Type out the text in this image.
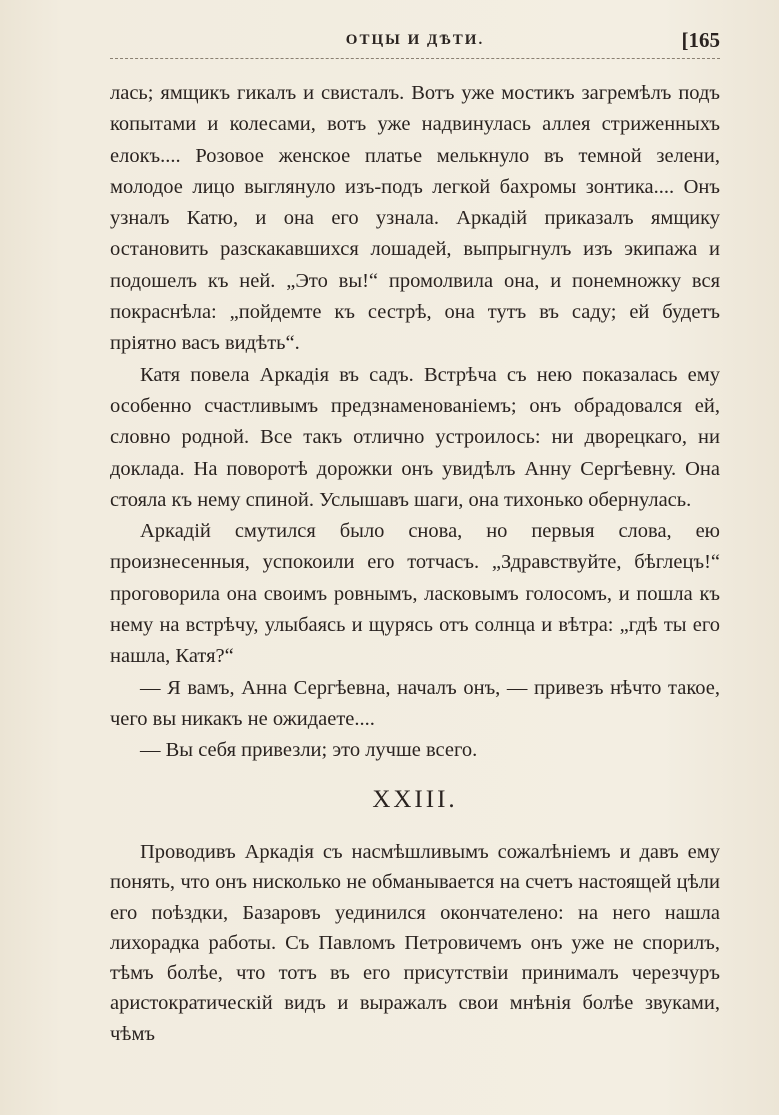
ОТЦЫ И ДѢТИ.	[165

лась; ямщикъ гикалъ и свисталъ. Вотъ уже мостикъ загремѣлъ подъ копытами и колесами, вотъ уже надвинулась аллея стриженныхъ елокъ.... Розовое женское платье мелькнуло въ темной зелени, молодое лицо выглянуло изъ-подъ легкой бахромы зонтика.... Онъ узналъ Катю, и она его узнала. Аркадій приказалъ ямщику остановить разскакавшихся лошадей, выпрыгнулъ изъ экипажа и подошелъ къ ней. „Это вы!“ промолвила она, и понемножку вся покраснѣла: „пойдемте къ сестрѣ, она тутъ въ саду; ей будетъ пріятно васъ видѣть“.

Катя повела Аркадія въ садъ. Встрѣча съ нею показалась ему особенно счастливымъ предзнаменованіемъ; онъ обрадовался ей, словно родной. Все такъ отлично устроилось: ни дворецкаго, ни доклада. На поворотѣ дорожки онъ увидѣлъ Анну Сергѣевну. Она стояла къ нему спиной. Услышавъ шаги, она тихонько обернулась.

Аркадій смутился было снова, но первыя слова, ею произнесенныя, успокоили его тотчасъ. „Здравствуйте, бѣглецъ!“ проговорила она своимъ ровнымъ, ласковымъ голосомъ, и пошла къ нему на встрѣчу, улыбаясь и щурясь отъ солнца и вѣтра: „гдѣ ты его нашла, Катя?“

— Я вамъ, Анна Сергѣевна, началъ онъ, — привезъ нѣчто такое, чего вы никакъ не ожидаете....

— Вы себя привезли; это лучше всего.

XXIII.

Проводивъ Аркадія съ насмѣшливымъ сожалѣніемъ и давъ ему понять, что онъ нисколько не обманывается на счетъ настоящей цѣли его поѣздки, Базаровъ уединился окончателено: на него нашла лихорадка работы. Съ Павломъ Петровичемъ онъ уже не спорилъ, тѣмъ болѣе, что тотъ въ его присутствіи принималъ черезчуръ аристократическій видъ и выражалъ свои мнѣнія болѣе звуками, чѣмъ
